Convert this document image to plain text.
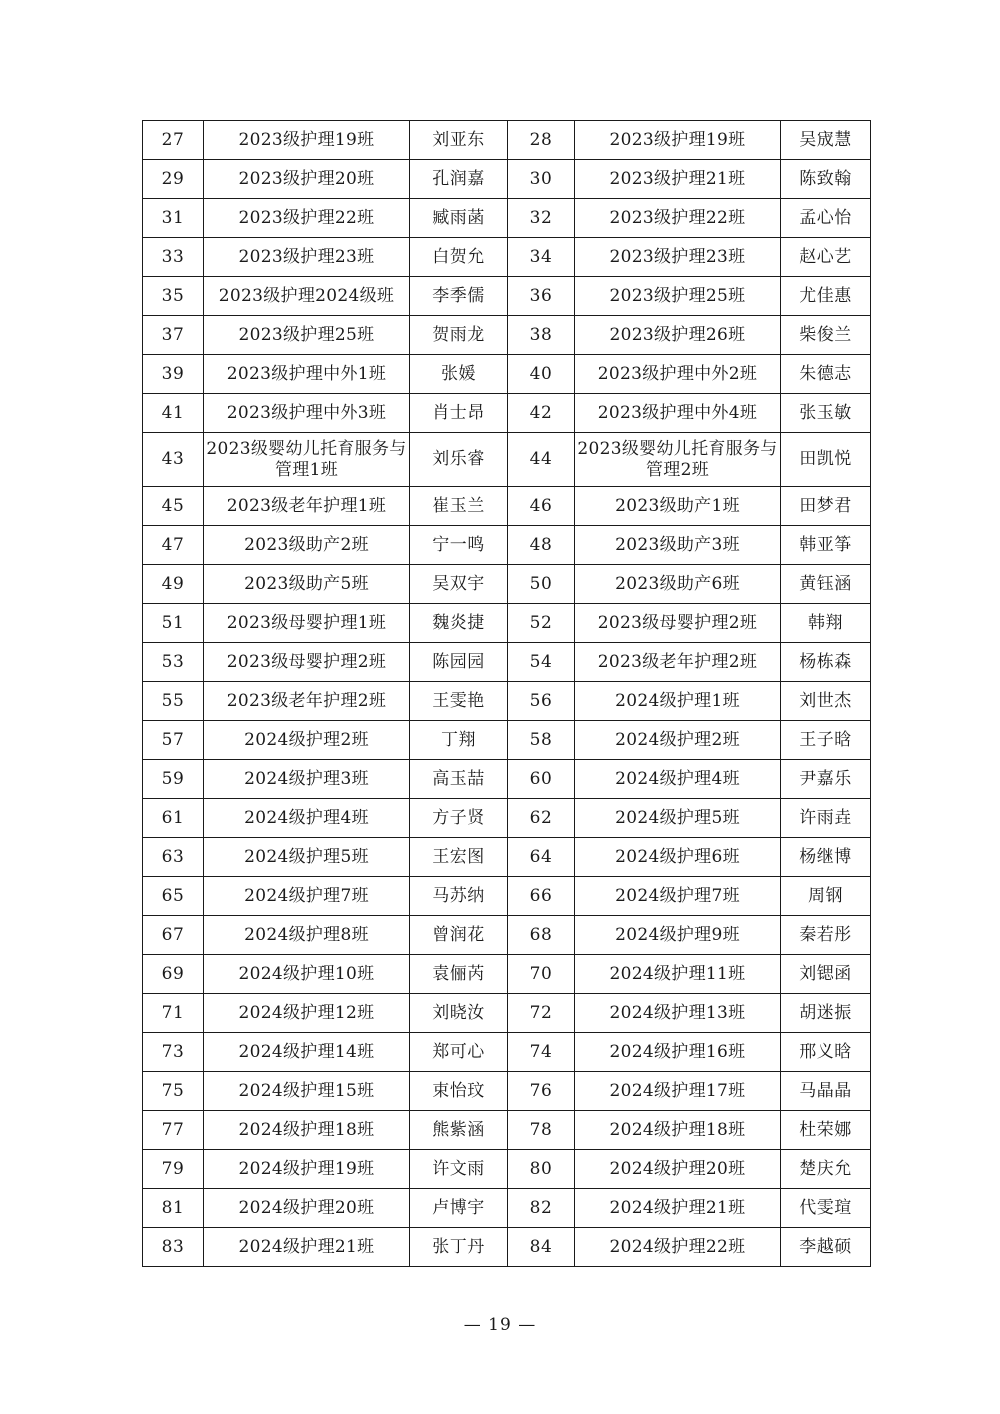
27	2023级护理19班	刘亚东	28	2023级护理19班	吴宬慧
29	2023级护理20班	孔润嘉	30	2023级护理21班	陈致翰
31	2023级护理22班	臧雨菡	32	2023级护理22班	孟心怡
33	2023级护理23班	白贺允	34	2023级护理23班	赵心艺
35	2023级护理2024级班	李季儒	36	2023级护理25班	尤佳惠
37	2023级护理25班	贺雨龙	38	2023级护理26班	柴俊兰
39	2023级护理中外1班	张媛	40	2023级护理中外2班	朱德志
41	2023级护理中外3班	肖士昂	42	2023级护理中外4班	张玉敏
43	2023级婴幼儿托育服务与管理1班	刘乐睿	44	2023级婴幼儿托育服务与管理2班	田凯悦
45	2023级老年护理1班	崔玉兰	46	2023级助产1班	田梦君
47	2023级助产2班	宁一鸣	48	2023级助产3班	韩亚筝
49	2023级助产5班	吴双宇	50	2023级助产6班	黄钰涵
51	2023级母婴护理1班	魏炎捷	52	2023级母婴护理2班	韩翔
53	2023级母婴护理2班	陈园园	54	2023级老年护理2班	杨栋森
55	2023级老年护理2班	王雯艳	56	2024级护理1班	刘世杰
57	2024级护理2班	丁翔	58	2024级护理2班	王子晗
59	2024级护理3班	高玉喆	60	2024级护理4班	尹嘉乐
61	2024级护理4班	方子贤	62	2024级护理5班	许雨垚
63	2024级护理5班	王宏图	64	2024级护理6班	杨继博
65	2024级护理7班	马苏纳	66	2024级护理7班	周钢
67	2024级护理8班	曾润花	68	2024级护理9班	秦若彤
69	2024级护理10班	袁俪芮	70	2024级护理11班	刘锶函
71	2024级护理12班	刘晓汝	72	2024级护理13班	胡迷振
73	2024级护理14班	郑可心	74	2024级护理16班	邢义晗
75	2024级护理15班	束怡玟	76	2024级护理17班	马晶晶
77	2024级护理18班	熊紫涵	78	2024级护理18班	杜荣娜
79	2024级护理19班	许文雨	80	2024级护理20班	楚庆允
81	2024级护理20班	卢博宇	82	2024级护理21班	代雯瑄
83	2024级护理21班	张丁丹	84	2024级护理22班	李越硕
— 19 —
